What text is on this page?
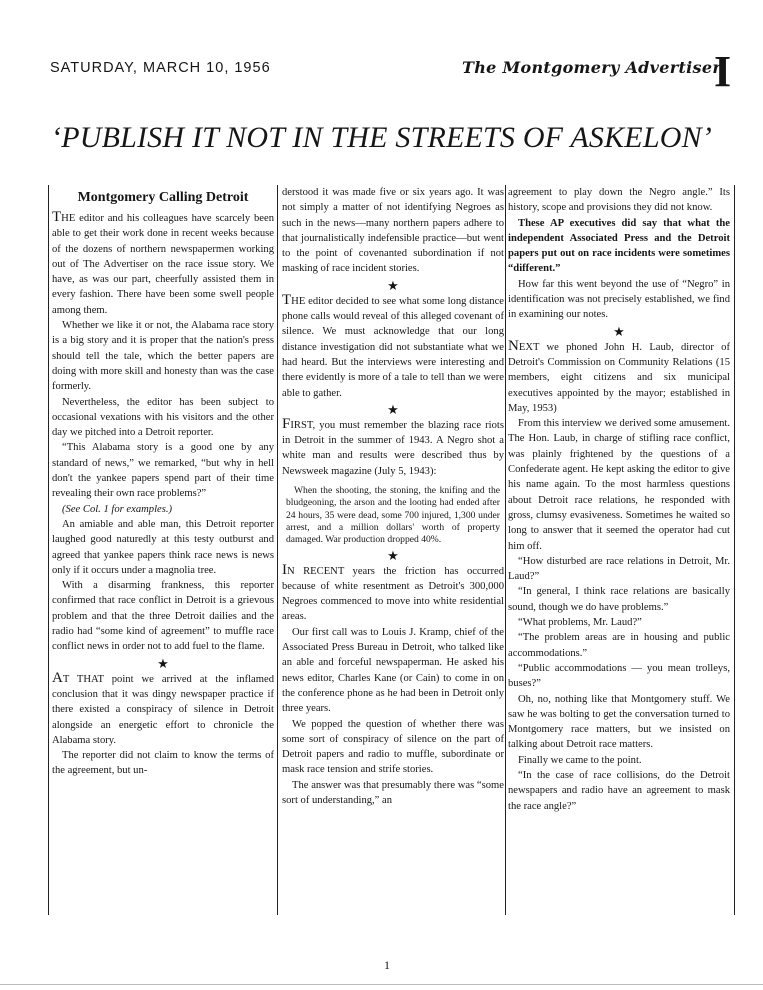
SATURDAY, MARCH 10, 1956	The Montgomery Advertiser
I
‘PUBLISH IT NOT IN THE STREETS OF ASKELON’
Montgomery Calling Detroit

THE editor and his colleagues have scarcely been able to get their work done in recent weeks because of the dozens of northern newspapermen working out of The Advertiser on the race issue story. We have, as was our part, cheerfully assisted them in every fashion. There have been some swell people among them.

Whether we like it or not, the Alabama race story is a big story and it is proper that the nation's press should tell the tale, which the better papers are doing with more skill and honesty than was the case formerly.

Nevertheless, the editor has been subject to occasional vexations with his visitors and the other day we pitched into a Detroit reporter.

“This Alabama story is a good one by any standard of news,” we remarked, “but why in hell don't the yankee papers spend part of their time revealing their own race problems?”

(See Col. 1 for examples.)

An amiable and able man, this Detroit reporter laughed good naturedly at this testy outburst and agreed that yankee papers think race news is news only if it occurs under a magnolia tree.

With a disarming frankness, this reporter confirmed that race conflict in Detroit is a grievous problem and that the three Detroit dailies and the radio had “some kind of agreement” to muffle race conflict news in order not to add fuel to the flame.

★

AT THAT point we arrived at the inflamed conclusion that it was dingy newspaper practice if there existed a conspiracy of silence in Detroit alongside an energetic effort to chronicle the Alabama story.

The reporter did not claim to know the terms of the agreement, but un-

derstood it was made five or six years ago. It was not simply a matter of not identifying Negroes as such in the news—many northern papers adhere to that journalistically indefensible practice—but went to the point of covenanted subordination if not masking of race incident stories.

★

THE editor decided to see what some long distance phone calls would reveal of this alleged covenant of silence. We must acknowledge that our long distance investigation did not substantiate what we had heard. But the interviews were interesting and there evidently is more of a tale to tell than we were able to gather.

★

FIRST, you must remember the blazing race riots in Detroit in the summer of 1943. A Negro shot a white man and results were described thus by Newsweek magazine (July 5, 1943):

When the shooting, the stoning, the knifing and the bludgeoning, the arson and the looting had ended after 24 hours, 35 were dead, some 700 injured, 1,300 under arrest, and a million dollars' worth of property damaged. War production dropped 40%.

★

IN RECENT years the friction has occurred because of white resentment as Detroit's 300,000 Negroes commenced to move into white residential areas.

Our first call was to Louis J. Kramp, chief of the Associated Press Bureau in Detroit, who talked like an able and forceful newspaperman. He asked his news editor, Charles Kane (or Cain) to come in on the conference phone as he had been in Detroit only three years.

We popped the question of whether there was some sort of conspiracy of silence on the part of Detroit papers and radio to muffle, subordinate or mask race tension and strife stories.

The answer was that presumably there was “some sort of understanding,” an

agreement to play down the Negro angle.” Its history, scope and provisions they did not know.

These AP executives did say that what the independent Associated Press and the Detroit papers put out on race incidents were sometimes “different.”

How far this went beyond the use of “Negro” in identification was not precisely established, we find in examining our notes.

★

NEXT we phoned John H. Laub, director of Detroit's Commission on Community Relations (15 members, eight citizens and six municipal executives appointed by the mayor; established in May, 1953)

From this interview we derived some amusement. The Hon. Laub, in charge of stifling race conflict, was plainly frightened by the questions of a Confederate agent. He kept asking the editor to give his name again. To the most harmless questions about Detroit race relations, he responded with gross, clumsy evasiveness. Sometimes he waited so long to answer that it seemed the operator had cut him off.

“How disturbed are race relations in Detroit, Mr. Laud?”

“In general, I think race relations are basically sound, though we do have problems.”

“What problems, Mr. Laud?”

“The problem areas are in housing and public accommodations.”

“Public accommodations — you mean trolleys, buses?”

Oh, no, nothing like that Montgomery stuff. We saw he was bolting to get the conversation turned to Montgomery race matters, but we insisted on talking about Detroit race matters.

Finally we came to the point.

“In the case of race collisions, do the Detroit newspapers and radio have an agreement to mask the race angle?”

1
